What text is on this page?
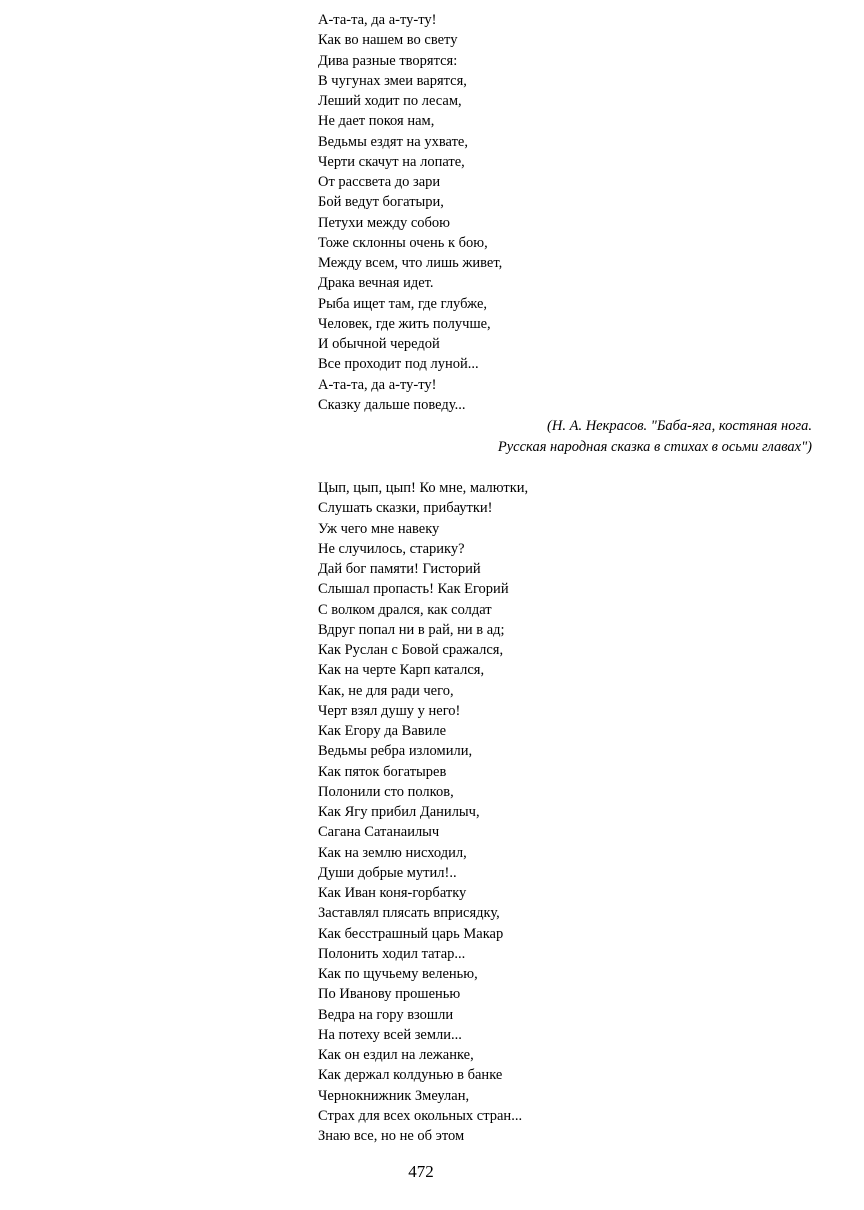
А-та-та, да а-ту-ту!
Как во нашем во свету
Дива разные творятся:
В чугунах змеи варятся,
Леший ходит по лесам,
Не дает покоя нам,
Ведьмы ездят на ухвате,
Черти скачут на лопате,
От рассвета до зари
Бой ведут богатыри,
Петухи между собою
Тоже склонны очень к бою,
Между всем, что лишь живет,
Драка вечная идет.
Рыба ищет там, где глубже,
Человек, где жить получше,
И обычной чередой
Все проходит под луной...
А-та-та, да а-ту-ту!
Сказку дальше поведу...
(Н. А. Некрасов. "Баба-яга, костяная нога.
Русская народная сказка в стихах в осьми главах")
Цып, цып, цып! Ко мне, малютки,
Слушать сказки, прибаутки!
Уж чего мне навеку
Не случилось, старику?
Дай бог памяти! Гисторий
Слышал пропасть! Как Егорий
С волком дрался, как солдат
Вдруг попал ни в рай, ни в ад;
Как Руслан с Бовой сражался,
Как на черте Карп катался,
Как, не для ради чего,
Черт взял душу у него!
Как Егору да Вавиле
Ведьмы ребра изломили,
Как пяток богатырев
Полонили сто полков,
Как Ягу прибил Данилыч,
Сагана Сатанаилыч
Как на землю нисходил,
Души добрые мутил!..
Как Иван коня-горбатку
Заставлял плясать вприсядку,
Как бесстрашный царь Макар
Полонить ходил татар...
Как по щучьему веленью,
По Иванову прошенью
Ведра на гору взошли
На потеху всей земли...
Как он ездил на лежанке,
Как держал колдунью в банке
Чернокнижник Змеулан,
Страх для всех окольных стран...
Знаю все, но не об этом
472
